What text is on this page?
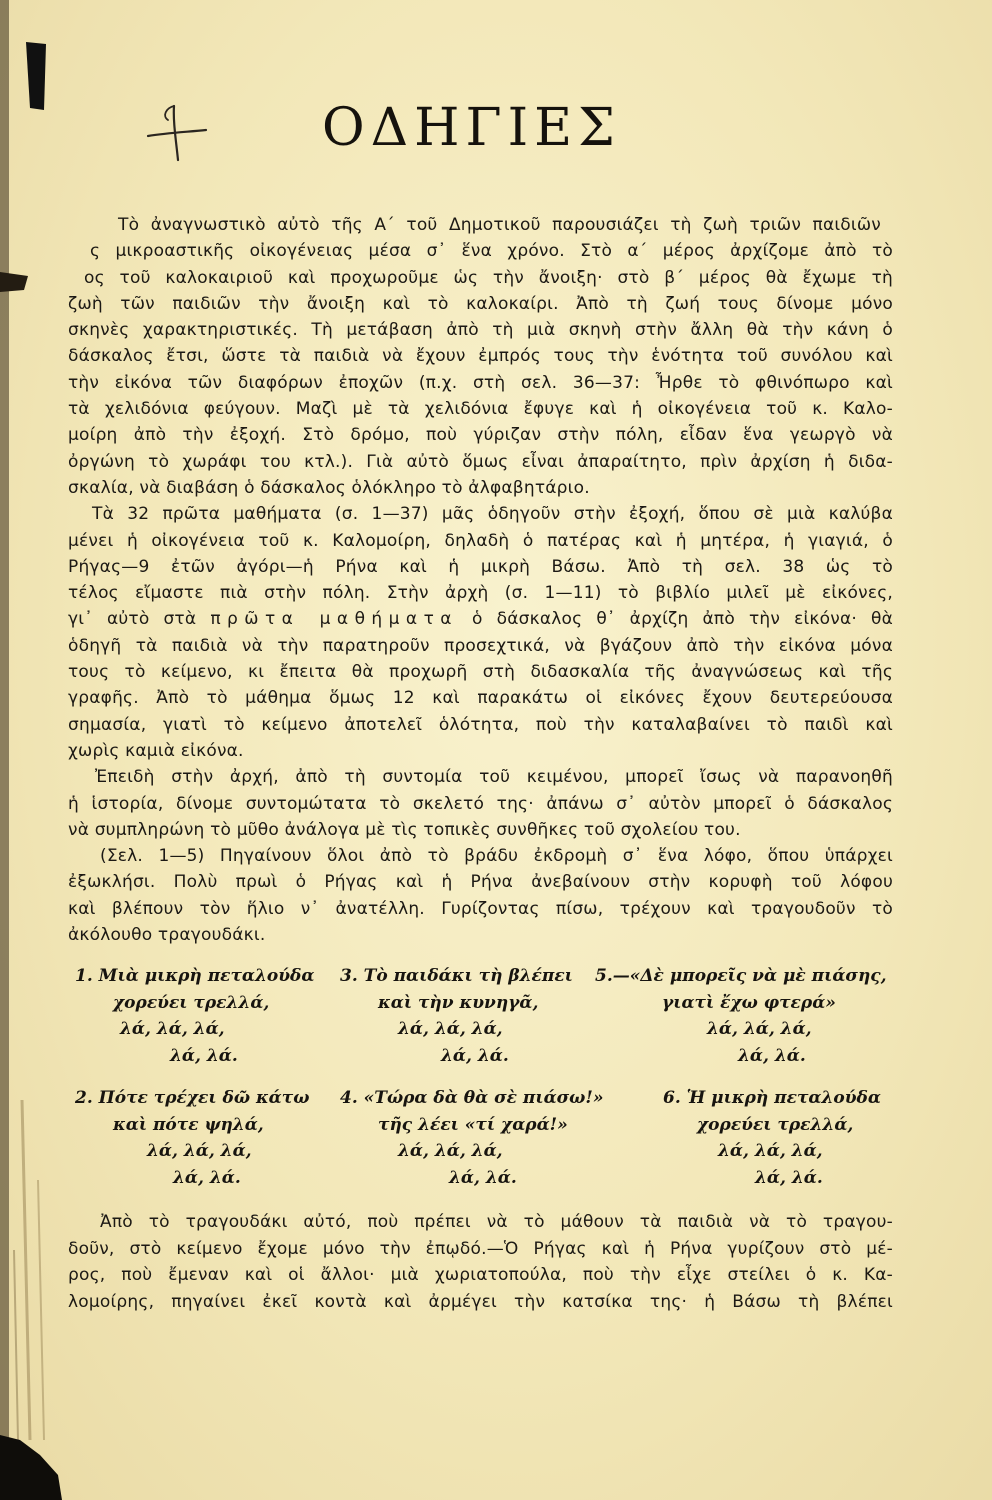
ΟΔΗΓΙΕΣ
Τὸ ἀναγνωστικὸ αὐτὸ τῆς Α΄ τοῦ Δημοτικοῦ παρουσιάζει τὴ ζωὴ τριῶν παιδιῶν
ς μικροαστικῆς οἰκογένειας μέσα σ᾿ ἕνα χρόνο. Στὸ α΄ μέρος ἀρχίζομε ἀπὸ τὸ
ος τοῦ καλοκαιριοῦ καὶ προχωροῦμε ὡς τὴν ἄνοιξη· στὸ β΄ μέρος θὰ ἔχωμε τὴ
ζωὴ τῶν παιδιῶν τὴν ἄνοιξη καὶ τὸ καλοκαίρι. Ἀπὸ τὴ ζωή τους δίνομε μόνο
σκηνὲς χαρακτηριστικές. Τὴ μετάβαση ἀπὸ τὴ μιὰ σκηνὴ στὴν ἄλλη θὰ τὴν κάνη ὁ
δάσκαλος ἔτσι, ὥστε τὰ παιδιὰ νὰ ἔχουν ἐμπρός τους τὴν ἑνότητα τοῦ συνόλου καὶ
τὴν εἰκόνα τῶν διαφόρων ἐποχῶν (π.χ. στὴ σελ. 36—37: Ἦρθε τὸ φθινόπωρο καὶ
τὰ χελιδόνια φεύγουν. Μαζὶ μὲ τὰ χελιδόνια ἔφυγε καὶ ἡ οἰκογένεια τοῦ κ. Καλο-
μοίρη ἀπὸ τὴν ἐξοχή. Στὸ δρόμο, ποὺ γύριζαν στὴν πόλη, εἶδαν ἕνα γεωργὸ νὰ
ὀργώνη τὸ χωράφι του κτλ.). Γιὰ αὐτὸ ὅμως εἶναι ἀπαραίτητο, πρὶν ἀρχίση ἡ διδα-
σκαλία, νὰ διαβάση ὁ δάσκαλος ὁλόκληρο τὸ ἀλφαβητάριο.
Τὰ 32 πρῶτα μαθήματα (σ. 1—37) μᾶς ὁδηγοῦν στὴν ἐξοχή, ὅπου σὲ μιὰ καλύβα
μένει ἡ οἰκογένεια τοῦ κ. Καλομοίρη, δηλαδὴ ὁ πατέρας καὶ ἡ μητέρα, ἡ γιαγιά, ὁ
Ρήγας—9 ἐτῶν ἀγόρι—ἡ Ρήνα καὶ ἡ μικρὴ Βάσω. Ἀπὸ τὴ σελ. 38 ὡς τὸ
τέλος εἴμαστε πιὰ στὴν πόλη. Στὴν ἀρχὴ (σ. 1—11) τὸ βιβλίο μιλεῖ μὲ εἰκόνες,
γι᾿ αὐτὸ στὰ πρῶτα μαθήματα ὁ δάσκαλος θ᾿ ἀρχίζη ἀπὸ τὴν εἰκόνα· θὰ
ὁδηγῆ τὰ παιδιὰ νὰ τὴν παρατηροῦν προσεχτικά, νὰ βγάζουν ἀπὸ τὴν εἰκόνα μόνα
τους τὸ κείμενο, κι ἔπειτα θὰ προχωρῆ στὴ διδασκαλία τῆς ἀναγνώσεως καὶ τῆς
γραφῆς. Ἀπὸ τὸ μάθημα ὅμως 12 καὶ παρακάτω οἱ εἰκόνες ἔχουν δευτερεύουσα
σημασία, γιατὶ τὸ κείμενο ἀποτελεῖ ὁλότητα, ποὺ τὴν καταλαβαίνει τὸ παιδὶ καὶ
χωρὶς καμιὰ εἰκόνα.
Ἐπειδὴ στὴν ἀρχή, ἀπὸ τὴ συντομία τοῦ κειμένου, μπορεῖ ἴσως νὰ παρανοηθῆ
ἡ ἱστορία, δίνομε συντομώτατα τὸ σκελετό της· ἀπάνω σ᾿ αὐτὸν μπορεῖ ὁ δάσκαλος
νὰ συμπληρώνη τὸ μῦθο ἀνάλογα μὲ τὶς τοπικὲς συνθῆκες τοῦ σχολείου του.
(Σελ. 1—5) Πηγαίνουν ὅλοι ἀπὸ τὸ βράδυ ἐκδρομὴ σ᾿ ἕνα λόφο, ὅπου ὑπάρχει
ἐξωκλήσι. Πολὺ πρωὶ ὁ Ρήγας καὶ ἡ Ρήνα ἀνεβαίνουν στὴν κορυφὴ τοῦ λόφου
καὶ βλέπουν τὸν ἥλιο ν᾿ ἀνατέλλη. Γυρίζοντας πίσω, τρέχουν καὶ τραγουδοῦν τὸ
ἀκόλουθο τραγουδάκι.
1. Μιὰ μικρὴ πεταλούδα
χορεύει τρελλά,
λά, λά, λά,
λά, λά.
3. Τὸ παιδάκι τὴ βλέπει
καὶ τὴν κυνηγᾶ,
λά, λά, λά,
λά, λά.
5.—«Δὲ μπορεῖς νὰ μὲ πιάσης,
γιατὶ ἔχω φτερά»
λά, λά, λά,
λά, λά.
2. Πότε τρέχει δῶ κάτω
καὶ πότε ψηλά,
λά, λά, λά,
λά, λά.
4. «Τώρα δὰ θὰ σὲ πιάσω!»
τῆς λέει «τί χαρά!»
λά, λά, λά,
λά, λά.
6. Ἡ μικρὴ πεταλούδα
χορεύει τρελλά,
λά, λά, λά,
λά, λά.
Ἀπὸ τὸ τραγουδάκι αὐτό, ποὺ πρέπει νὰ τὸ μάθουν τὰ παιδιὰ νὰ τὸ τραγου-
δοῦν, στὸ κείμενο ἔχομε μόνο τὴν ἐπῳδό.—Ὁ Ρήγας καὶ ἡ Ρήνα γυρίζουν στὸ μέ-
ρος, ποὺ ἔμεναν καὶ οἱ ἄλλοι· μιὰ χωριατοπούλα, ποὺ τὴν εἶχε στείλει ὁ κ. Κα-
λομοίρης, πηγαίνει ἐκεῖ κοντὰ καὶ ἀρμέγει τὴν κατσίκα της· ἡ Βάσω τὴ βλέπει
